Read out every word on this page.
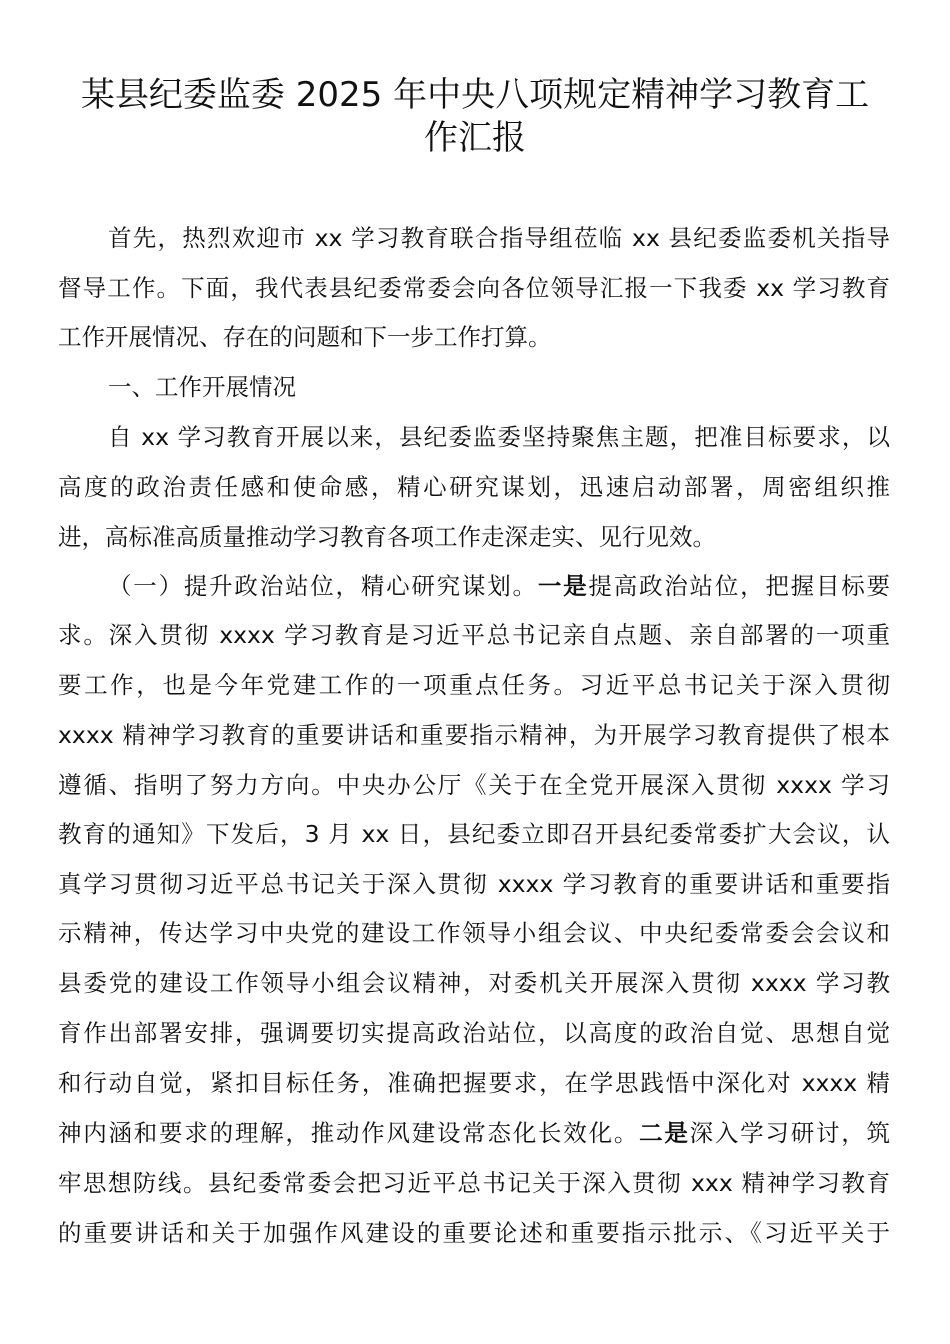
某县纪委监委 2025 年中央八项规定精神学习教育工
作汇报
首先，热烈欢迎市 xx 学习教育联合指导组莅临 xx 县纪委监委机关指导
督导工作。下面，我代表县纪委常委会向各位领导汇报一下我委 xx 学习教育
工作开展情况、存在的问题和下一步工作打算。
一、工作开展情况
自 xx 学习教育开展以来，县纪委监委坚持聚焦主题，把准目标要求，以
高度的政治责任感和使命感，精心研究谋划，迅速启动部署，周密组织推
进，高标准高质量推动学习教育各项工作走深走实、见行见效。
（一）提升政治站位，精心研究谋划。一是提高政治站位，把握目标要
求。深入贯彻 xxxx 学习教育是习近平总书记亲自点题、亲自部署的一项重
要工作，也是今年党建工作的一项重点任务。习近平总书记关于深入贯彻
xxxx 精神学习教育的重要讲话和重要指示精神，为开展学习教育提供了根本
遵循、指明了努力方向。中央办公厅《关于在全党开展深入贯彻 xxxx 学习
教育的通知》下发后，3 月 xx 日，县纪委立即召开县纪委常委扩大会议，认
真学习贯彻习近平总书记关于深入贯彻 xxxx 学习教育的重要讲话和重要指
示精神，传达学习中央党的建设工作领导小组会议、中央纪委常委会会议和
县委党的建设工作领导小组会议精神，对委机关开展深入贯彻 xxxx 学习教
育作出部署安排，强调要切实提高政治站位，以高度的政治自觉、思想自觉
和行动自觉，紧扣目标任务，准确把握要求，在学思践悟中深化对 xxxx 精
神内涵和要求的理解，推动作风建设常态化长效化。二是深入学习研讨，筑
牢思想防线。县纪委常委会把习近平总书记关于深入贯彻 xxx 精神学习教育
的重要讲话和关于加强作风建设的重要论述和重要指示批示、《习近平关于
